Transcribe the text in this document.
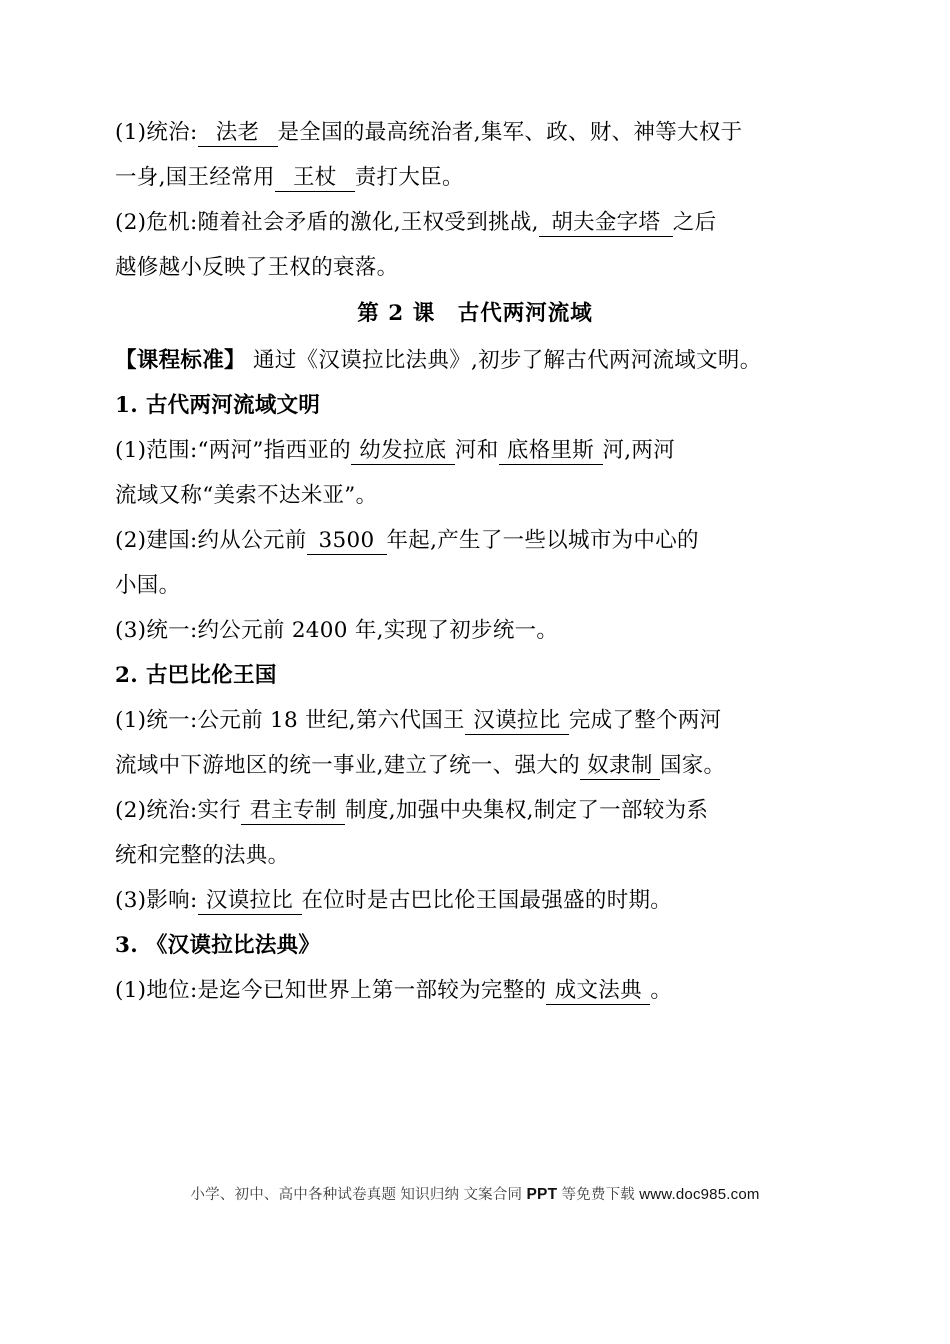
(1)统治: 法老 是全国的最高统治者,集军、政、财、神等大权于
一身,国王经常用 王杖 责打大臣。
(2)危机:随着社会矛盾的激化,王权受到挑战, 胡夫金字塔 之后
越修越小反映了王权的衰落。
第 2 课　古代两河流域
【课程标准】 通过《汉谟拉比法典》,初步了解古代两河流域文明。
1. 古代两河流域文明
(1)范围:“两河”指西亚的 幼发拉底 河和 底格里斯 河,两河
流域又称“美索不达米亚”。
(2)建国:约从公元前 3500 年起,产生了一些以城市为中心的
小国。
(3)统一:约公元前 2400 年,实现了初步统一。
2. 古巴比伦王国
(1)统一:公元前 18 世纪,第六代国王 汉谟拉比 完成了整个两河
流域中下游地区的统一事业,建立了统一、强大的 奴隶制 国家。
(2)统治:实行 君主专制 制度,加强中央集权,制定了一部较为系
统和完整的法典。
(3)影响: 汉谟拉比 在位时是古巴比伦王国最强盛的时期。
3. 《汉谟拉比法典》
(1)地位:是迄今已知世界上第一部较为完整的 成文法典 。
小学、初中、高中各种试卷真题 知识归纳 文案合同 PPT 等免费下载 www.doc985.com
